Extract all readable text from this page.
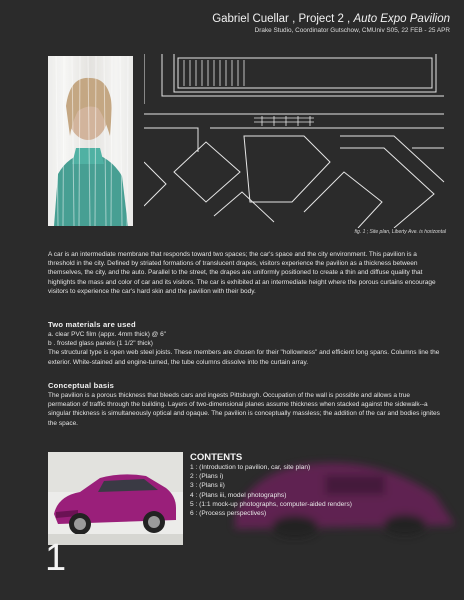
Gabriel Cuellar , Project 2 , Auto Expo Pavilion
Drake Studio, Coordinator Gutschow, CMUniv S05, 22 FEB - 25 APR
fig. 1 ; Site plan, Liberty Ave. is horizontal

A car is an intermediate membrane that responds toward two spaces; the car's space and the city environment. This pavilion is a threshold in the city. Defined by striated formations of translucent drapes, visitors experience the pavilion as a thickness between themselves, the city, and the auto. Parallel to the street, the drapes are uniformly positioned to create a thin and diffuse quality that highlights the mass and color of car and its visitors. The car is exhibited at an intermediate height where the porous curtains encourage visitors to experience the car's hard skin and the pavilion with their body.

Two materials are used

a. clear PVC film (appx. 4mm thick) @ 6"

b . frosted glass panels (1 1/2" thick)

The structural type is open web steel joists. These members are chosen for their "hollowness" and efficient long spans. Columns line the exterior. White-stained and engine-turned, the tube columns dissolve into the curtain array.

Conceptual basis

The pavilion is a porous thickness that bleeds cars and ingests Pittsburgh. Occupation of the wall is possible and allows a true permeation of traffic through the building. Layers of two-dimensional planes assume thickness when stacked against the sidewalk--a singular thickness is simultaneously optical and opaque. The pavilion is conceptually massless; the addition of the car and bodies ignites the space.

1
CONTENTS
1 : (Introduction to pavilion, car, site plan)
2 : (Plans i)
3 : (Plans ii)
4 : (Plans iii, model photographs)
5 : (1:1 mock-up photographs, computer-aided renders)
6 : (Process perspectives)
